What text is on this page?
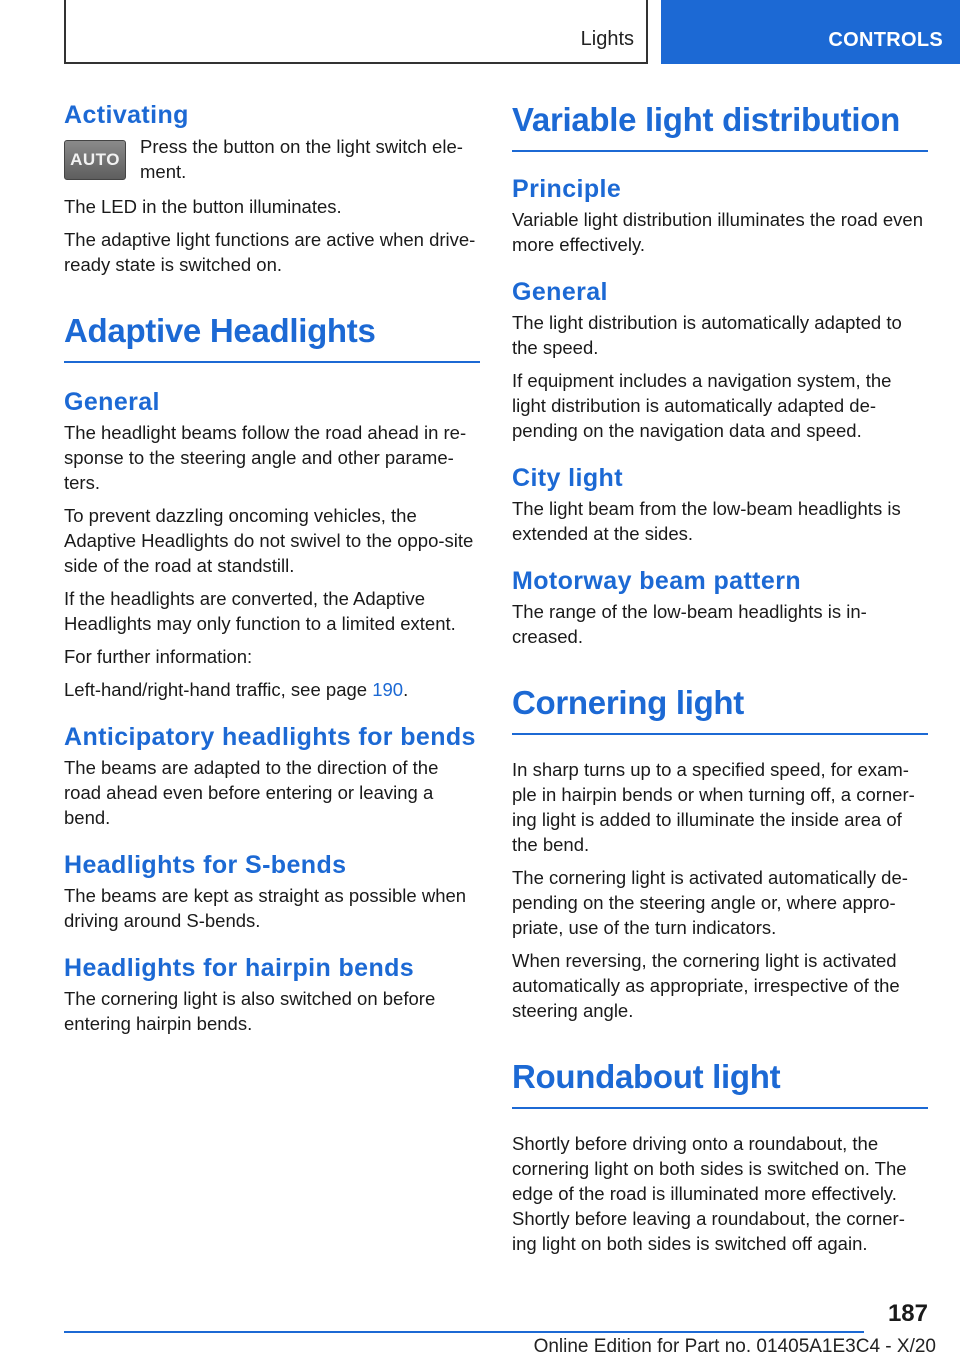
Lights	CONTROLS
Activating
AUTO

Press the button on the light switch ele-ment.

The LED in the button illuminates.

The adaptive light functions are active when drive-ready state is switched on.

Adaptive Headlights
General

The headlight beams follow the road ahead in re-sponse to the steering angle and other parame-ters.

To prevent dazzling oncoming vehicles, the Adaptive Headlights do not swivel to the oppo-site side of the road at standstill.

If the headlights are converted, the Adaptive Headlights may only function to a limited extent.

For further information:

Left-hand/right-hand traffic, see page 190.

Anticipatory headlights for bends

The beams are adapted to the direction of the road ahead even before entering or leaving a bend.

Headlights for S-bends

The beams are kept as straight as possible when driving around S-bends.

Headlights for hairpin bends

The cornering light is also switched on before entering hairpin bends.

Variable light distribution
Principle

Variable light distribution illuminates the road even more effectively.

General

The light distribution is automatically adapted to the speed.

If equipment includes a navigation system, the light distribution is automatically adapted de-pending on the navigation data and speed.

City light

The light beam from the low-beam headlights is extended at the sides.

Motorway beam pattern

The range of the low-beam headlights is in-creased.

Cornering light

In sharp turns up to a specified speed, for exam-ple in hairpin bends or when turning off, a corner-ing light is added to illuminate the inside area of the bend.

The cornering light is activated automatically de-pending on the steering angle or, where appro-priate, use of the turn indicators.

When reversing, the cornering light is activated automatically as appropriate, irrespective of the steering angle.

Roundabout light

Shortly before driving onto a roundabout, the cornering light on both sides is switched on. The edge of the road is illuminated more effectively. Shortly before leaving a roundabout, the corner-ing light on both sides is switched off again.

187
Online Edition for Part no. 01405A1E3C4 - X/20
